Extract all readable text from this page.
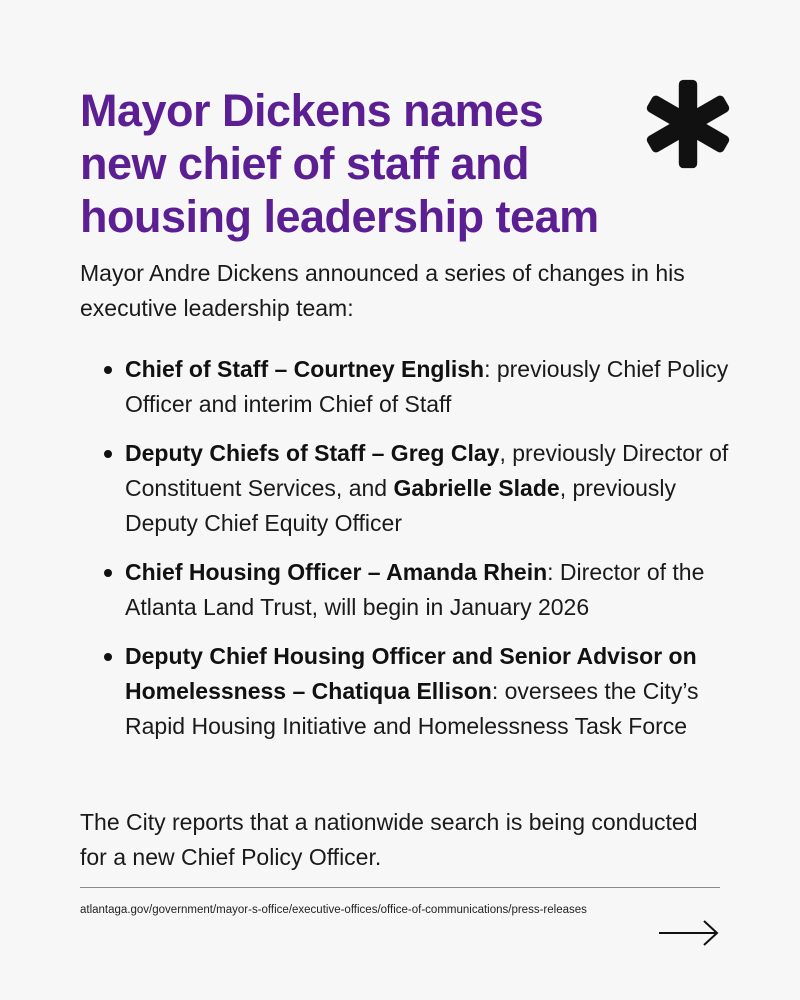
Mayor Dickens names
new chief of staff and
housing leadership team

Mayor Andre Dickens announced a series of changes in his executive leadership team:

Chief of Staff – Courtney English: previously Chief Policy Officer and interim Chief of Staff
Deputy Chiefs of Staff – Greg Clay, previously Director of Constituent Services, and Gabrielle Slade, previously Deputy Chief Equity Officer
Chief Housing Officer – Amanda Rhein: Director of the Atlanta Land Trust, will begin in January 2026
Deputy Chief Housing Officer and Senior Advisor on Homelessness – Chatiqua Ellison: oversees the City’s Rapid Housing Initiative and Homelessness Task Force

The City reports that a nationwide search is being conducted for a new Chief Policy Officer.

atlantaga.gov/government/mayor-s-office/executive-offices/office-of-communications/press-releases
